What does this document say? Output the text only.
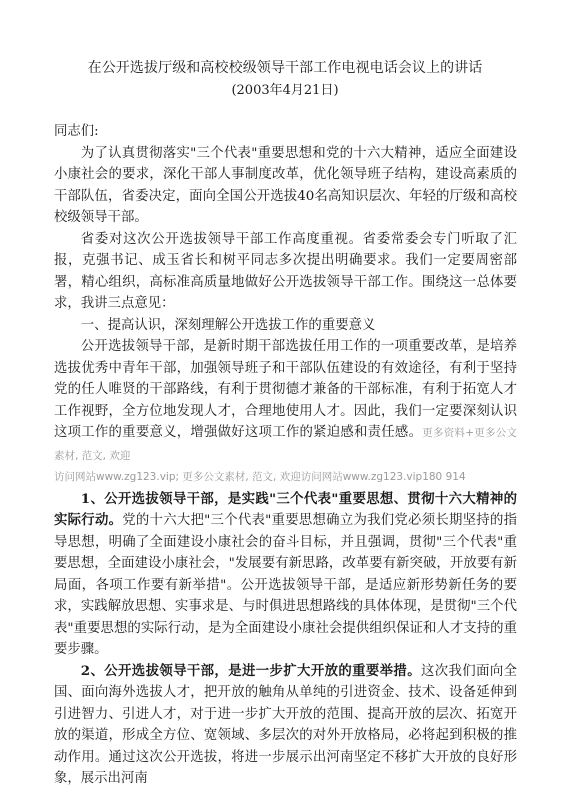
在公开选拔厅级和高校校级领导干部工作电视电话会议上的讲话
(2003年4月21日)

同志们:

为了认真贯彻落实"三个代表"重要思想和党的十六大精神，适应全面建设小康社会的要求，深化干部人事制度改革，优化领导班子结构，建设高素质的干部队伍，省委决定，面向全国公开选拔40名高知识层次、年轻的厅级和高校校级领导干部。

省委对这次公开选拔领导干部工作高度重视。省委常委会专门听取了汇报，克强书记、成玉省长和树平同志多次提出明确要求。我们一定要周密部署，精心组织，高标准高质量地做好公开选拔领导干部工作。围绕这一总体要求，我讲三点意见：

一、提高认识，深刻理解公开选拔工作的重要意义

公开选拔领导干部，是新时期干部选拔任用工作的一项重要改革，是培养选拔优秀中青年干部，加强领导班子和干部队伍建设的有效途径，有利于坚持党的任人唯贤的干部路线，有利于贯彻德才兼备的干部标准，有利于拓宽人才工作视野，全方位地发现人才，合理地使用人才。因此，我们一定要深刻认识这项工作的重要意义，增强做好这项工作的紧迫感和责任感。更多资料+更多公文素材, 范文, 欢迎
访问网站www.zg123.vip; 更多公文素材, 范文, 欢迎访问网站www.zg123.vip180 914

1、公开选拔领导干部，是实践"三个代表"重要思想、贯彻十六大精神的实际行动。党的十六大把"三个代表"重要思想确立为我们党必须长期坚持的指导思想，明确了全面建设小康社会的奋斗目标，并且强调，贯彻"三个代表"重要思想，全面建设小康社会，"发展要有新思路，改革要有新突破，开放要有新局面，各项工作要有新举措"。公开选拔领导干部，是适应新形势新任务的要求，实践解放思想、实事求是、与时俱进思想路线的具体体现，是贯彻"三个代表"重要思想的实际行动，是为全面建设小康社会提供组织保证和人才支持的重要步骤。

2、公开选拔领导干部，是进一步扩大开放的重要举措。这次我们面向全国、面向海外选拔人才，把开放的触角从单纯的引进资金、技术、设备延伸到引进智力、引进人才，对于进一步扩大开放的范围、提高开放的层次、拓宽开放的渠道，形成全方位、宽领域、多层次的对外开放格局，必将起到积极的推动作用。通过这次公开选拔，将进一步展示出河南坚定不移扩大开放的良好形象，展示出河南
